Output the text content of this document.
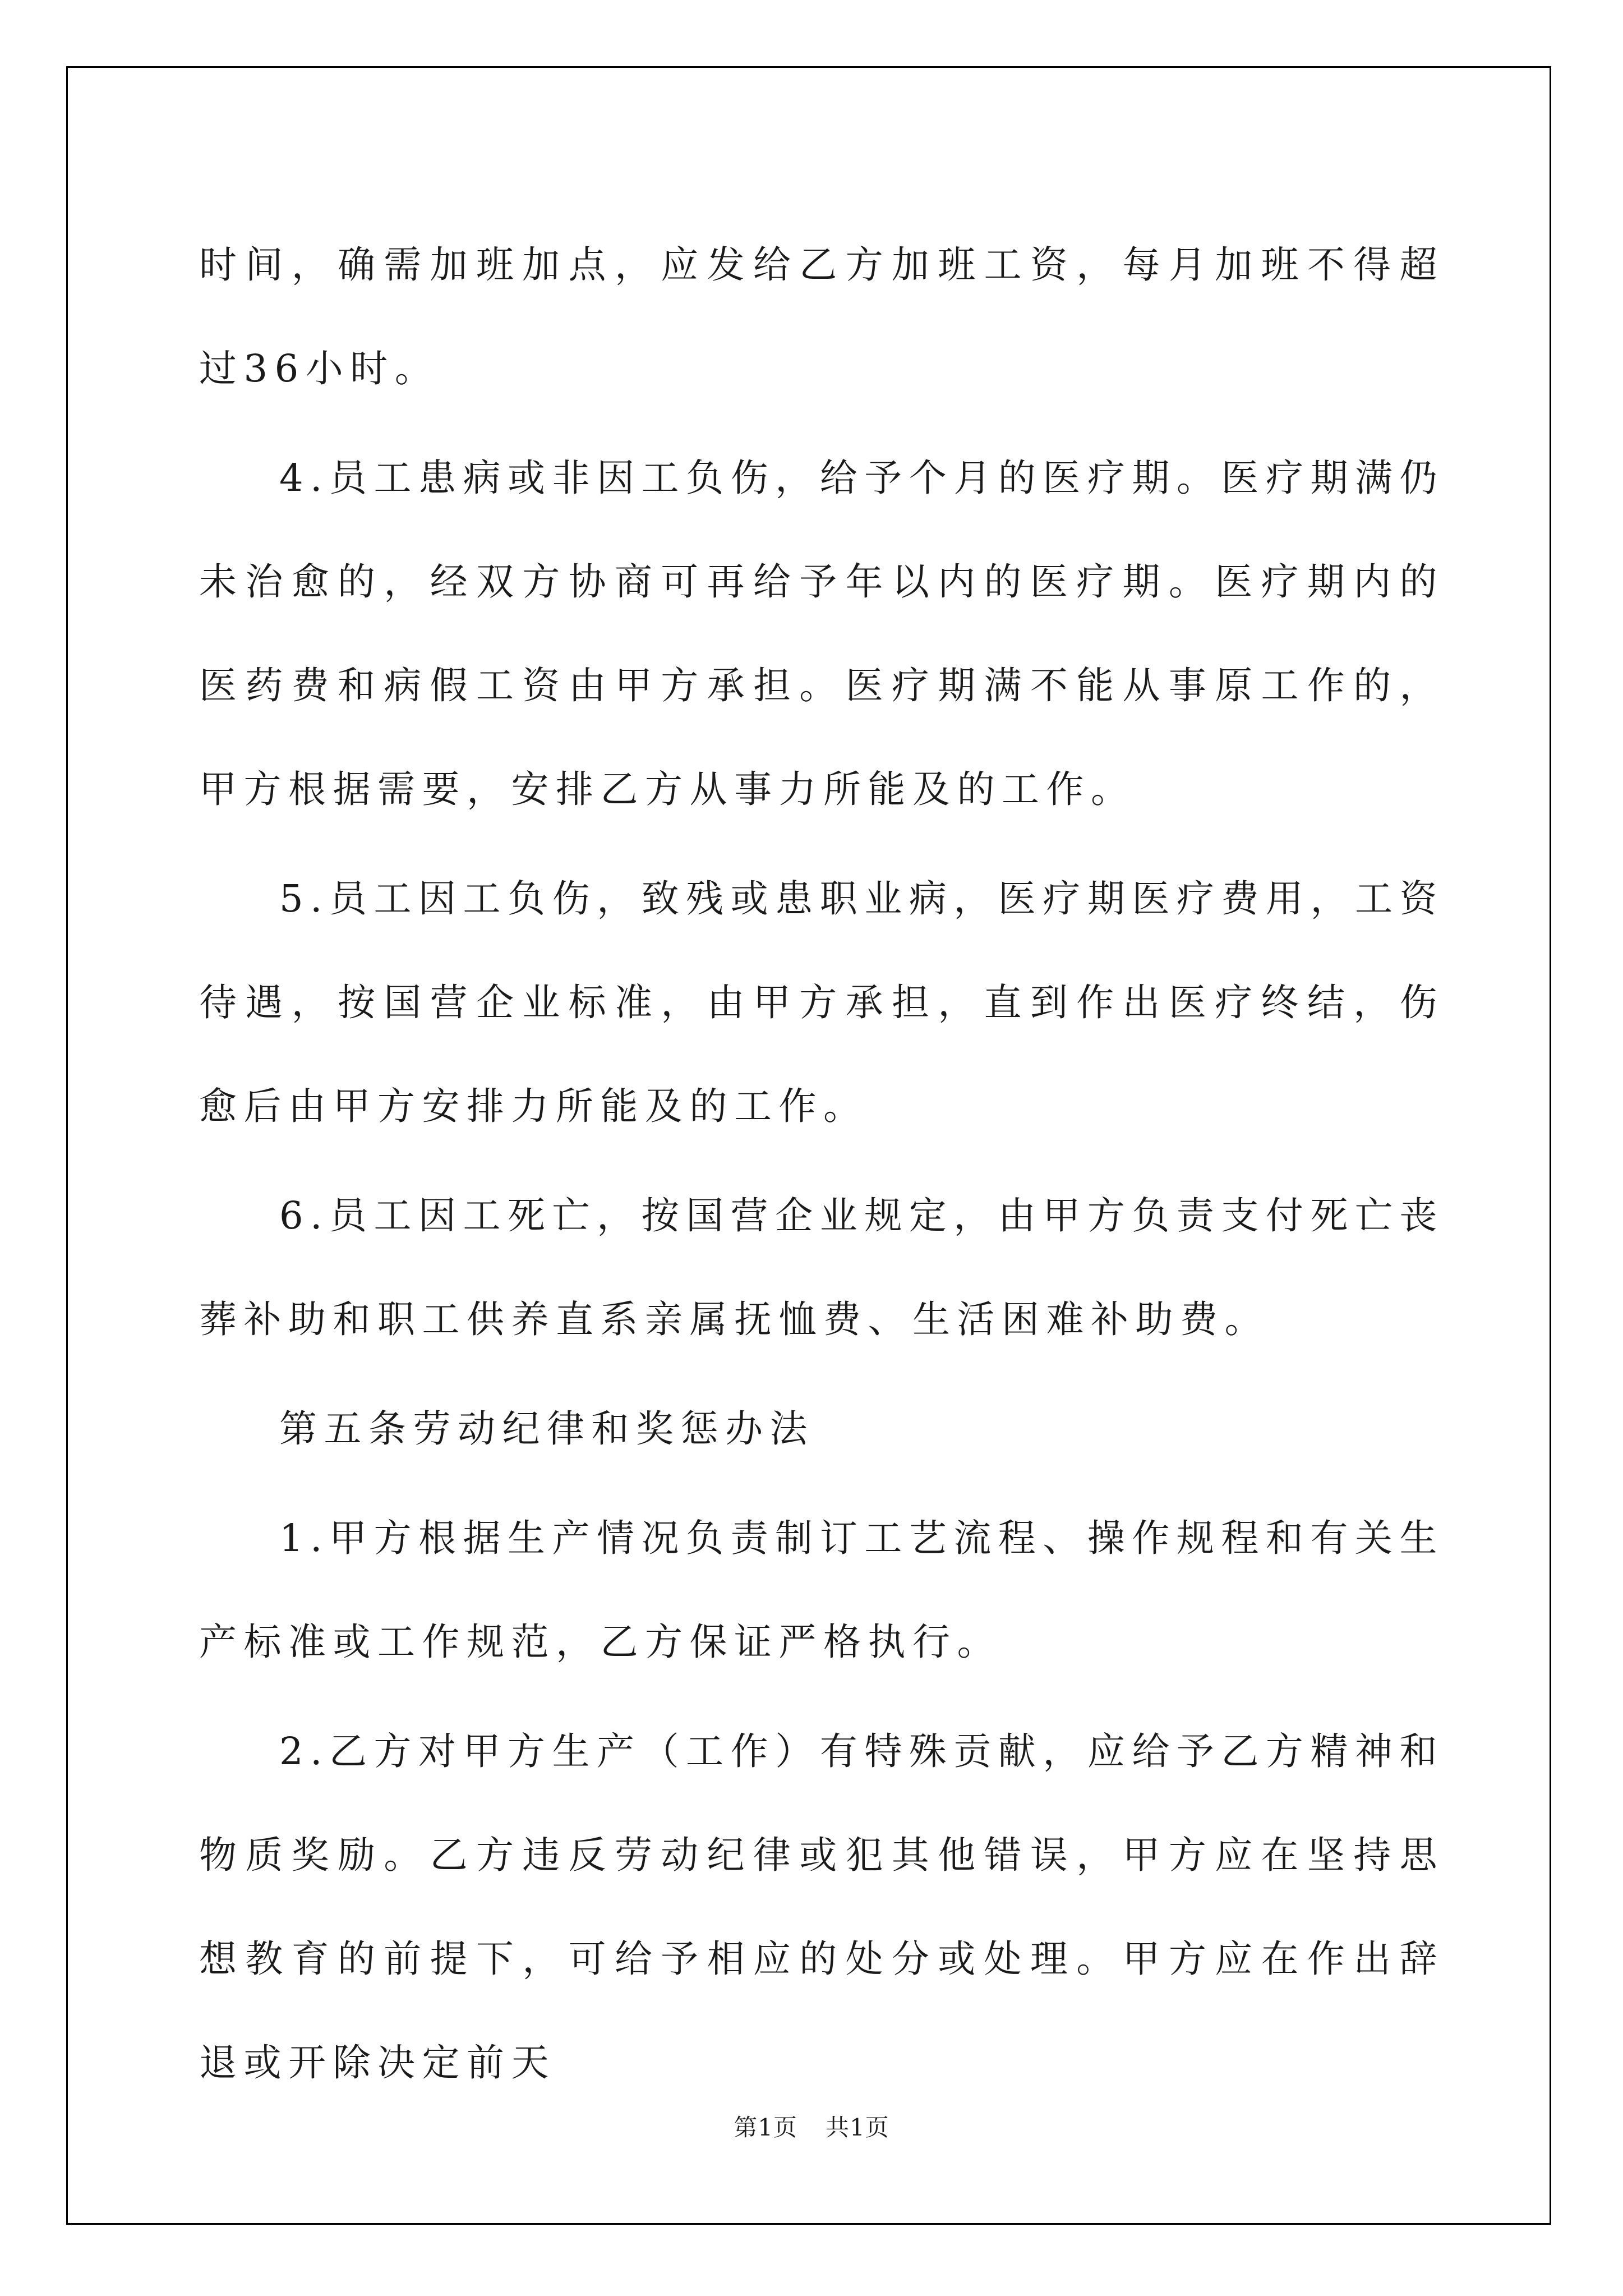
时间，确需加班加点，应发给乙方加班工资，每月加班不得超过36小时。

4.员工患病或非因工负伤，给予个月的医疗期。医疗期满仍未治愈的，经双方协商可再给予年以内的医疗期。医疗期内的医药费和病假工资由甲方承担。医疗期满不能从事原工作的，甲方根据需要，安排乙方从事力所能及的工作。

5.员工因工负伤，致残或患职业病，医疗期医疗费用，工资待遇，按国营企业标准，由甲方承担，直到作出医疗终结，伤愈后由甲方安排力所能及的工作。

6.员工因工死亡，按国营企业规定，由甲方负责支付死亡丧葬补助和职工供养直系亲属抚恤费、生活困难补助费。

第五条劳动纪律和奖惩办法

1.甲方根据生产情况负责制订工艺流程、操作规程和有关生产标准或工作规范，乙方保证严格执行。

2.乙方对甲方生产（工作）有特殊贡献，应给予乙方精神和物质奖励。乙方违反劳动纪律或犯其他错误，甲方应在坚持思想教育的前提下，可给予相应的处分或处理。甲方应在作出辞退或开除决定前天

第1页 共1页
